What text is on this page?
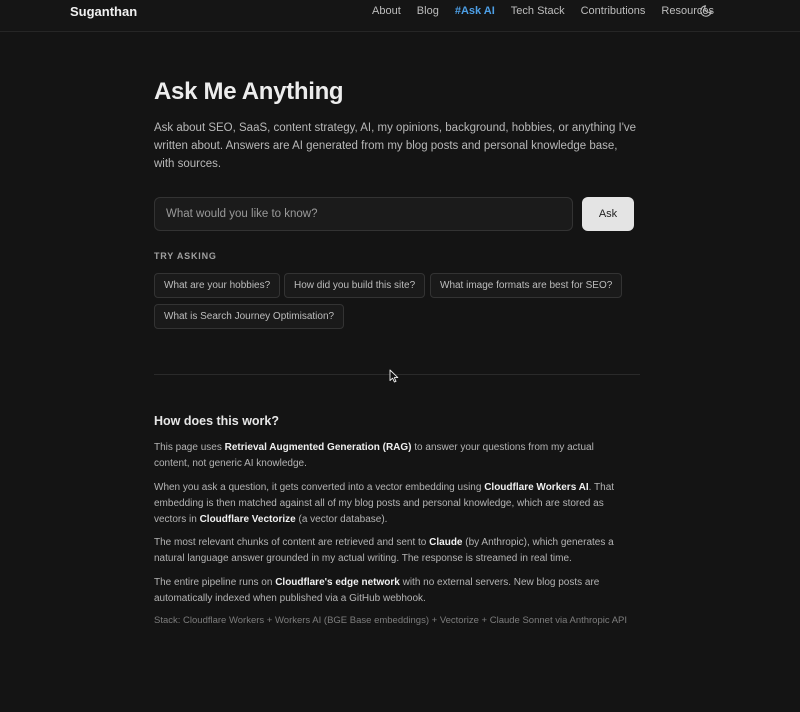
Suganthan	About Blog #Ask AI Tech Stack Contributions Resources
Ask Me Anything

Ask about SEO, SaaS, content strategy, AI, my opinions, background, hobbies, or anything I've written about. Answers are AI generated from my blog posts and personal knowledge base, with sources.

What would you like to know?
Ask
TRY ASKING
What are your hobbies?	How did you build this site?	What image formats are best for SEO?
What is Search Journey Optimisation?
How does this work?

This page uses Retrieval Augmented Generation (RAG) to answer your questions from my actual content, not generic AI knowledge.

When you ask a question, it gets converted into a vector embedding using Cloudflare Workers AI. That embedding is then matched against all of my blog posts and personal knowledge, which are stored as vectors in Cloudflare Vectorize (a vector database).

The most relevant chunks of content are retrieved and sent to Claude (by Anthropic), which generates a natural language answer grounded in my actual writing. The response is streamed in real time.

The entire pipeline runs on Cloudflare's edge network with no external servers. New blog posts are automatically indexed when published via a GitHub webhook.

Stack: Cloudflare Workers + Workers AI (BGE Base embeddings) + Vectorize + Claude Sonnet via Anthropic API
